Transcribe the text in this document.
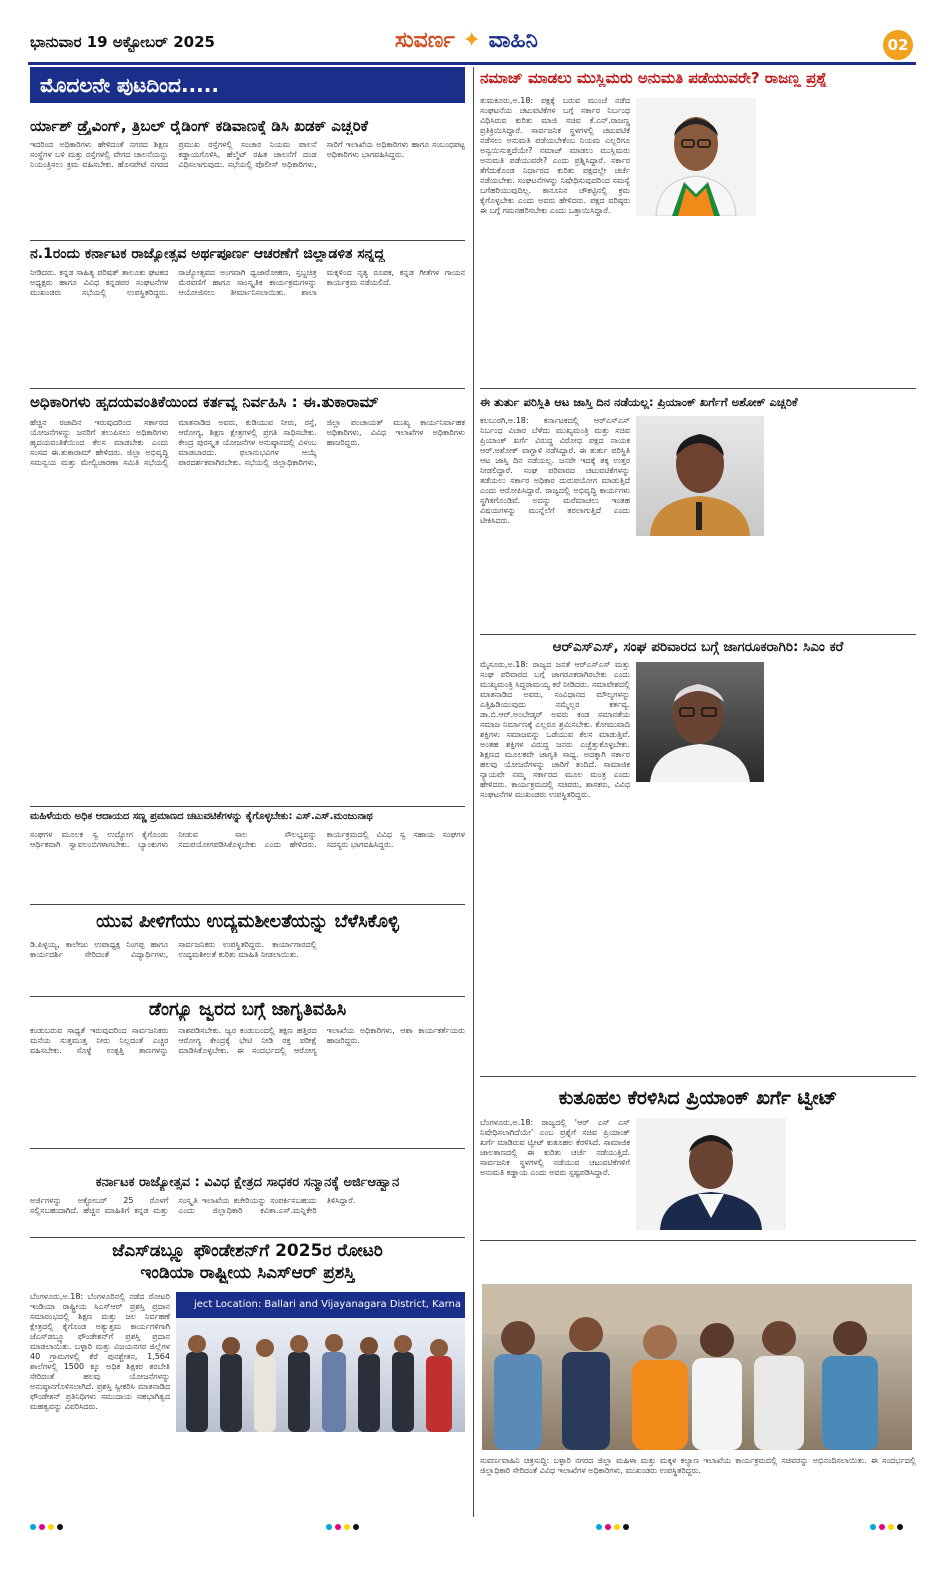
ಭಾನುವಾರ 19 ಅಕ್ಟೋಬರ್ 2025	ಸುವರ್ಣ ✦ ವಾಹಿನಿ	02
ಮೊದಲನೇ ಪುಟದಿಂದ.....
ರ್ಯಾಶ್ ಡ್ರೈವಿಂಗ್, ತ್ರಿಬಲ್ ರೈಡಿಂಗ್ ಕಡಿವಾಣಕ್ಕೆ ಡಿಸಿ ಖಡಕ್ ಎಚ್ಚರಿಕೆ
ಇದರಿಂದ ಅಧಿಕಾರಿಗಳು ಹೇಳಿದಂತೆ ನಗರದ ಶಿಕ್ಷಣ ಸಂಸ್ಥೆಗಳ ಬಳಿ ಮತ್ತು ರಸ್ತೆಗಳಲ್ಲಿ ವೇಗದ ಚಾಲನೆಯನ್ನು ನಿಯಂತ್ರಿಸಲು ಕ್ರಮ ವಹಿಸಬೇಕು. ಹೊಸಪೇಟೆ ನಗರದ ಪ್ರಮುಖ ರಸ್ತೆಗಳಲ್ಲಿ ಸಂಚಾರ ನಿಯಮ ಪಾಲನೆ ಕಡ್ಡಾಯಗೊಳಿಸಿ, ಹೆಲ್ಮೆಟ್ ರಹಿತ ಚಾಲನೆಗೆ ದಂಡ ವಿಧಿಸಲಾಗುವುದು. ಸಭೆಯಲ್ಲಿ ಪೊಲೀಸ್ ಅಧಿಕಾರಿಗಳು, ಸಾರಿಗೆ ಇಲಾಖೆಯ ಅಧಿಕಾರಿಗಳು ಹಾಗೂ ಸಂಬಂಧಪಟ್ಟ ಅಧಿಕಾರಿಗಳು ಭಾಗವಹಿಸಿದ್ದರು.
ನ.1ರಂದು ಕರ್ನಾಟಕ ರಾಜ್ಯೋತ್ಸವ ಅರ್ಥಪೂರ್ಣ ಆಚರಣೆಗೆ ಜಿಲ್ಲಾಡಳಿತ ಸನ್ನದ್ಧ
ನೀಡಿದರು. ಕನ್ನಡ ಸಾಹಿತ್ಯ ಪರಿಷತ್ ತಾಲೂಕು ಘಟಕದ ಅಧ್ಯಕ್ಷರು ಹಾಗೂ ವಿವಿಧ ಕನ್ನಡಪರ ಸಂಘಟನೆಗಳ ಮುಖಂಡರು ಸಭೆಯಲ್ಲಿ ಉಪಸ್ಥಿತರಿದ್ದರು. ರಾಜ್ಯೋತ್ಸವದ ಅಂಗವಾಗಿ ಧ್ವಜಾರೋಹಣ, ಸ್ತಬ್ಧಚಿತ್ರ ಮೆರವಣಿಗೆ ಹಾಗೂ ಸಾಂಸ್ಕೃತಿಕ ಕಾರ್ಯಕ್ರಮಗಳನ್ನು ಆಯೋಜಿಸಲು ತೀರ್ಮಾನಿಸಲಾಯಿತು. ಶಾಲಾ ಮಕ್ಕಳಿಂದ ನೃತ್ಯ ರೂಪಕ, ಕನ್ನಡ ಗೀತೆಗಳ ಗಾಯನ ಕಾರ್ಯಕ್ರಮ ನಡೆಯಲಿದೆ.
ಅಧಿಕಾರಿಗಳು ಹೃದಯವಂತಿಕೆಯಿಂದ ಕರ್ತವ್ಯ ನಿರ್ವಹಿಸಿ : ಈ.ತುಕಾರಾಮ್
ಹೆಚ್ಚಿನ ರಜಾದಿನ ಇರುವುದರಿಂದ ಸರ್ಕಾರದ ಯೋಜನೆಗಳನ್ನು ಜನರಿಗೆ ತಲುಪಿಸಲು ಅಧಿಕಾರಿಗಳು ಹೃದಯವಂತಿಕೆಯಿಂದ ಕೆಲಸ ಮಾಡಬೇಕು ಎಂದು ಸಂಸದ ಈ.ತುಕಾರಾಮ್ ಹೇಳಿದರು. ಜಿಲ್ಲಾ ಅಭಿವೃದ್ಧಿ ಸಮನ್ವಯ ಮತ್ತು ಮೇಲ್ವಿಚಾರಣಾ ಸಮಿತಿ ಸಭೆಯಲ್ಲಿ ಮಾತನಾಡಿದ ಅವರು, ಕುಡಿಯುವ ನೀರು, ರಸ್ತೆ, ಆರೋಗ್ಯ, ಶಿಕ್ಷಣ ಕ್ಷೇತ್ರಗಳಲ್ಲಿ ಪ್ರಗತಿ ಸಾಧಿಸಬೇಕು. ಕೇಂದ್ರ ಪುರಸ್ಕೃತ ಯೋಜನೆಗಳ ಅನುಷ್ಠಾನದಲ್ಲಿ ವಿಳಂಬ ಮಾಡಬಾರದು. ಫಲಾನುಭವಿಗಳ ಆಯ್ಕೆ ಪಾರದರ್ಶಕವಾಗಿರಬೇಕು. ಸಭೆಯಲ್ಲಿ ಜಿಲ್ಲಾಧಿಕಾರಿಗಳು, ಜಿಲ್ಲಾ ಪಂಚಾಯತ್ ಮುಖ್ಯ ಕಾರ್ಯನಿರ್ವಾಹಕ ಅಧಿಕಾರಿಗಳು, ವಿವಿಧ ಇಲಾಖೆಗಳ ಅಧಿಕಾರಿಗಳು ಹಾಜರಿದ್ದರು.
ಮಹಿಳೆಯರು ಅಧಿಕ ಆದಾಯದ ಸಣ್ಣ ಪ್ರಮಾಣದ ಚಟುವಟಿಕೆಗಳನ್ನು ಕೈಗೊಳ್ಳಬೇಕು: ಎಸ್.ಎಸ್.ಮಂಜುನಾಥ
ಸಂಘಗಳ ಮೂಲಕ ಸ್ವ ಉದ್ಯೋಗ ಕೈಗೊಂಡು ಆರ್ಥಿಕವಾಗಿ ಸ್ವಾವಲಂಬಿಗಳಾಗಬೇಕು. ಬ್ಯಾಂಕುಗಳು ನೀಡುವ ಸಾಲ ಸೌಲಭ್ಯವನ್ನು ಸದುಪಯೋಗಪಡಿಸಿಕೊಳ್ಳಬೇಕು ಎಂದು ಹೇಳಿದರು. ಕಾರ್ಯಕ್ರಮದಲ್ಲಿ ವಿವಿಧ ಸ್ವ ಸಹಾಯ ಸಂಘಗಳ ಸದಸ್ಯರು ಭಾಗವಹಿಸಿದ್ದರು.
ಯುವ ಪೀಳಿಗೆಯು ಉದ್ಯಮಶೀಲತೆಯನ್ನು ಬೆಳೆಸಿಕೊಳ್ಳಿ
ಡಿ.ಪಿಳ್ಳಯ್ಯ, ಕಾಲೇಜು ಉಪಾಧ್ಯಕ್ಷ ನಿಂಗಪ್ಪ ಹಾಗೂ ಕಾರ್ಯದರ್ಶಿ ಸೇರಿದಂತೆ ವಿದ್ಯಾರ್ಥಿಗಳು, ಸಾರ್ವಜನಿಕರು ಉಪಸ್ಥಿತರಿದ್ದರು. ಕಾರ್ಯಾಗಾರದಲ್ಲಿ ಉದ್ಯಮಶೀಲತೆ ಕುರಿತು ಮಾಹಿತಿ ನೀಡಲಾಯಿತು.
ಡೆಂಗ್ಯೂ ಜ್ವರದ ಬಗ್ಗೆ ಜಾಗೃತಿವಹಿಸಿ
ಕಂಡುಬರುವ ಸಾಧ್ಯತೆ ಇರುವುದರಿಂದ ಸಾರ್ವಜನಿಕರು ಮನೆಯ ಸುತ್ತಮುತ್ತ ನೀರು ನಿಲ್ಲದಂತೆ ಎಚ್ಚರ ವಹಿಸಬೇಕು. ಸೊಳ್ಳೆ ಉತ್ಪತ್ತಿ ತಾಣಗಳನ್ನು ನಾಶಪಡಿಸಬೇಕು. ಜ್ವರ ಕಂಡುಬಂದಲ್ಲಿ ತಕ್ಷಣ ಹತ್ತಿರದ ಆರೋಗ್ಯ ಕೇಂದ್ರಕ್ಕೆ ಭೇಟಿ ನೀಡಿ ರಕ್ತ ಪರೀಕ್ಷೆ ಮಾಡಿಸಿಕೊಳ್ಳಬೇಕು. ಈ ಸಂದರ್ಭದಲ್ಲಿ ಆರೋಗ್ಯ ಇಲಾಖೆಯ ಅಧಿಕಾರಿಗಳು, ಆಶಾ ಕಾರ್ಯಕರ್ತೆಯರು ಹಾಜರಿದ್ದರು.
ಕರ್ನಾಟಕ ರಾಜ್ಯೋತ್ಸವ : ವಿವಿಧ ಕ್ಷೇತ್ರದ ಸಾಧಕರ ಸನ್ಮಾನಕ್ಕೆ ಅರ್ಜಿಆಹ್ವಾನ
ಅರ್ಜಿಗಳನ್ನು ಅಕ್ಟೋಬರ್ 25 ರೊಳಗೆ ಸಲ್ಲಿಸಬಹುದಾಗಿದೆ. ಹೆಚ್ಚಿನ ಮಾಹಿತಿಗೆ ಕನ್ನಡ ಮತ್ತು ಸಂಸ್ಕೃತಿ ಇಲಾಖೆಯ ಕಚೇರಿಯನ್ನು ಸಂಪರ್ಕಿಸಬಹುದು ಎಂದು ಜಿಲ್ಲಾಧಿಕಾರಿ ಕವಿತಾ.ಎಸ್.ಮನ್ನಿಕೇರಿ ತಿಳಿಸಿದ್ದಾರೆ.
ಜೆಎಸ್‌ಡಬ್ಲ್ಯೂ ಫೌಂಡೇಶನ್‌ಗೆ 2025ರ ರೋಟರಿ
ಇಂಡಿಯಾ ರಾಷ್ಟ್ರೀಯ ಸಿಎಸ್ಆರ್ ಪ್ರಶಸ್ತಿ
ಬೆಂಗಳೂರು,ಅ.18: ಬೆಂಗಳೂರಿನಲ್ಲಿ ನಡೆದ ರೋಟರಿ ಇಂಡಿಯಾ ರಾಷ್ಟ್ರೀಯ ಸಿಎಸ್ಆರ್ ಪ್ರಶಸ್ತಿ ಪ್ರದಾನ ಸಮಾರಂಭದಲ್ಲಿ ಶಿಕ್ಷಣ ಮತ್ತು ಜಲ ನಿರ್ವಹಣೆ ಕ್ಷೇತ್ರದಲ್ಲಿ ಕೈಗೊಂಡ ಅತ್ಯುತ್ತಮ ಕಾರ್ಯಗಳಿಗಾಗಿ ಜೆಎಸ್‌ಡಬ್ಲ್ಯೂ ಫೌಂಡೇಶನ್‌ಗೆ ಪ್ರಶಸ್ತಿ ಪ್ರದಾನ ಮಾಡಲಾಯಿತು. ಬಳ್ಳಾರಿ ಮತ್ತು ವಿಜಯನಗರ ಜಿಲ್ಲೆಗಳ 40 ಗ್ರಾಮಗಳಲ್ಲಿ ಕೆರೆ ಪುನಶ್ಚೇತನ, 1,564 ಶಾಲೆಗಳಲ್ಲಿ 1500 ಕ್ಕೂ ಅಧಿಕ ಶಿಕ್ಷಕರ ತರಬೇತಿ ಸೇರಿದಂತೆ ಹಲವು ಯೋಜನೆಗಳನ್ನು ಅನುಷ್ಠಾನಗೊಳಿಸಲಾಗಿದೆ. ಪ್ರಶಸ್ತಿ ಸ್ವೀಕರಿಸಿ ಮಾತನಾಡಿದ ಫೌಂಡೇಶನ್ ಪ್ರತಿನಿಧಿಗಳು ಸಮುದಾಯ ಸಹಭಾಗಿತ್ವದ ಮಹತ್ವವನ್ನು ವಿವರಿಸಿದರು.
ject Location: Ballari and Vijayanagara District, Karna
ನಮಾಜ್ ಮಾಡಲು ಮುಸ್ಲಿಮರು ಅನುಮತಿ ಪಡೆಯುವರೇ? ರಾಜಣ್ಣ ಪ್ರಶ್ನೆ
ತುಮಕೂರು,ಅ.18: ಪಕ್ಷಕ್ಕೆ ಬರುವ ಮುಂಚೆ ನಡೆದ ಸಂಘಟನೆಯ ಚಟುವಟಿಕೆಗಳ ಬಗ್ಗೆ ಸರ್ಕಾರ ನಿರ್ಬಂಧ ವಿಧಿಸಿರುವ ಕುರಿತು ಮಾಜಿ ಸಚಿವ ಕೆ.ಎನ್.ರಾಜಣ್ಣ ಪ್ರತಿಕ್ರಿಯಿಸಿದ್ದಾರೆ. ಸಾರ್ವಜನಿಕ ಸ್ಥಳಗಳಲ್ಲಿ ಚಟುವಟಿಕೆ ನಡೆಸಲು ಅನುಮತಿ ಪಡೆಯಬೇಕೆಂಬ ನಿಯಮ ಎಲ್ಲರಿಗೂ ಅನ್ವಯಿಸುತ್ತದೆಯೇ? ನಮಾಜ್ ಮಾಡಲು ಮುಸ್ಲಿಮರು ಅನುಮತಿ ಪಡೆಯುವರೇ? ಎಂದು ಪ್ರಶ್ನಿಸಿದ್ದಾರೆ. ಸರ್ಕಾರ ತೆಗೆದುಕೊಂಡ ನಿರ್ಧಾರದ ಕುರಿತು ಪಕ್ಷದಲ್ಲೇ ಚರ್ಚೆ ನಡೆಯಬೇಕು. ಸಂಘಟನೆಗಳನ್ನು ನಿಷೇಧಿಸುವುದರಿಂದ ಸಮಸ್ಯೆ ಬಗೆಹರಿಯುವುದಿಲ್ಲ. ಕಾನೂನಿನ ಚೌಕಟ್ಟಿನಲ್ಲಿ ಕ್ರಮ ಕೈಗೊಳ್ಳಬೇಕು ಎಂದು ಅವರು ಹೇಳಿದರು. ಪಕ್ಷದ ವರಿಷ್ಠರು ಈ ಬಗ್ಗೆ ಗಮನಹರಿಸಬೇಕು ಎಂದು ಒತ್ತಾಯಿಸಿದ್ದಾರೆ.
ಈ ತುರ್ತು ಪರಿಸ್ಥಿತಿ ಆಟ ಜಾಸ್ತಿ ದಿನ ನಡೆಯಲ್ಲ: ಪ್ರಿಯಾಂಕ್ ಖರ್ಗೆಗೆ ಅಶೋಕ್ ಎಚ್ಚರಿಕೆ
ಕಲಬುರಗಿ,ಅ.18: ಕರ್ನಾಟಕದಲ್ಲಿ ಆರ್‌ಎಸ್‌ಎಸ್ ನಿರ್ಬಂಧ ವಿಚಾರ ಬೆಳೆದು ಮುಖ್ಯಮಂತ್ರಿ ಮತ್ತು ಸಚಿವ ಪ್ರಿಯಾಂಕ್ ಖರ್ಗೆ ವಿರುದ್ಧ ವಿರೋಧ ಪಕ್ಷದ ನಾಯಕ ಆರ್.ಅಶೋಕ್ ವಾಗ್ದಾಳಿ ನಡೆಸಿದ್ದಾರೆ. ಈ ತುರ್ತು ಪರಿಸ್ಥಿತಿ ಆಟ ಜಾಸ್ತಿ ದಿನ ನಡೆಯಲ್ಲ. ಜನರೇ ಇದಕ್ಕೆ ತಕ್ಕ ಉತ್ತರ ನೀಡಲಿದ್ದಾರೆ. ಸಂಘ ಪರಿವಾರದ ಚಟುವಟಿಕೆಗಳನ್ನು ತಡೆಯಲು ಸರ್ಕಾರ ಅಧಿಕಾರ ದುರುಪಯೋಗ ಮಾಡುತ್ತಿದೆ ಎಂದು ಆರೋಪಿಸಿದ್ದಾರೆ. ರಾಜ್ಯದಲ್ಲಿ ಅಭಿವೃದ್ಧಿ ಕಾರ್ಯಗಳು ಸ್ಥಗಿತಗೊಂಡಿವೆ. ಅದನ್ನು ಮರೆಮಾಚಲು ಇಂತಹ ವಿಷಯಗಳನ್ನು ಮುನ್ನೆಲೆಗೆ ತರಲಾಗುತ್ತಿದೆ ಎಂದು ಟೀಕಿಸಿದರು.
ಆರ್‌ಎಸ್‌ಎಸ್, ಸಂಘ ಪರಿವಾರದ ಬಗ್ಗೆ ಜಾಗರೂಕರಾಗಿರಿ: ಸಿಎಂ ಕರೆ
ಮೈಸೂರು,ಅ.18: ರಾಜ್ಯದ ಜನತೆ ಆರ್‌ಎಸ್‌ಎಸ್ ಮತ್ತು ಸಂಘ ಪರಿವಾರದ ಬಗ್ಗೆ ಜಾಗರೂಕರಾಗಿರಬೇಕು ಎಂದು ಮುಖ್ಯಮಂತ್ರಿ ಸಿದ್ದರಾಮಯ್ಯ ಕರೆ ನೀಡಿದರು. ಸಮಾವೇಶದಲ್ಲಿ ಮಾತನಾಡಿದ ಅವರು, ಸಂವಿಧಾನದ ಮೌಲ್ಯಗಳನ್ನು ಎತ್ತಿಹಿಡಿಯುವುದು ನಮ್ಮೆಲ್ಲರ ಕರ್ತವ್ಯ. ಡಾ.ಬಿ.ಆರ್.ಅಂಬೇಡ್ಕರ್ ಅವರು ಕಂಡ ಸಮಾನತೆಯ ಸಮಾಜ ನಿರ್ಮಾಣಕ್ಕೆ ಎಲ್ಲರೂ ಶ್ರಮಿಸಬೇಕು. ಕೋಮುವಾದಿ ಶಕ್ತಿಗಳು ಸಮಾಜವನ್ನು ಒಡೆಯುವ ಕೆಲಸ ಮಾಡುತ್ತಿವೆ. ಅಂತಹ ಶಕ್ತಿಗಳ ವಿರುದ್ಧ ಜನರು ಎಚ್ಚೆತ್ತುಕೊಳ್ಳಬೇಕು. ಶಿಕ್ಷಣದ ಮೂಲಕವೇ ಜಾಗೃತಿ ಸಾಧ್ಯ. ಅದಕ್ಕಾಗಿ ಸರ್ಕಾರ ಹಲವು ಯೋಜನೆಗಳನ್ನು ಜಾರಿಗೆ ತಂದಿದೆ. ಸಾಮಾಜಿಕ ನ್ಯಾಯವೇ ನಮ್ಮ ಸರ್ಕಾರದ ಮೂಲ ಮಂತ್ರ ಎಂದು ಹೇಳಿದರು. ಕಾರ್ಯಕ್ರಮದಲ್ಲಿ ಸಚಿವರು, ಶಾಸಕರು, ವಿವಿಧ ಸಂಘಟನೆಗಳ ಮುಖಂಡರು ಉಪಸ್ಥಿತರಿದ್ದರು.
ಕುತೂಹಲ ಕೆರಳಿಸಿದ ಪ್ರಿಯಾಂಕ್ ಖರ್ಗೆ ಟ್ವೀಟ್
ಬೆಂಗಳೂರು,ಅ.18: ರಾಜ್ಯದಲ್ಲಿ 'ಆರ್ ಎಸ್ ಎಸ್ ನಿಷೇಧಿಸಲಾಗಿದೆಯೇ' ಎಂಬ ಪ್ರಶ್ನೆಗೆ ಸಚಿವ ಪ್ರಿಯಾಂಕ್ ಖರ್ಗೆ ಮಾಡಿರುವ ಟ್ವೀಟ್ ಕುತೂಹಲ ಕೆರಳಿಸಿದೆ. ಸಾಮಾಜಿಕ ಜಾಲತಾಣದಲ್ಲಿ ಈ ಕುರಿತು ಚರ್ಚೆ ನಡೆಯುತ್ತಿದೆ. ಸಾರ್ವಜನಿಕ ಸ್ಥಳಗಳಲ್ಲಿ ನಡೆಯುವ ಚಟುವಟಿಕೆಗಳಿಗೆ ಅನುಮತಿ ಕಡ್ಡಾಯ ಎಂದು ಅವರು ಸ್ಪಷ್ಟಪಡಿಸಿದ್ದಾರೆ.
ಸುವರ್ಣವಾಹಿನಿ ಚಿತ್ರಸುದ್ದಿ: ಬಳ್ಳಾರಿ ನಗರದ ಜಿಲ್ಲಾ ಮಹಿಳಾ ಮತ್ತು ಮಕ್ಕಳ ಕಲ್ಯಾಣ ಇಲಾಖೆಯ ಕಾರ್ಯಕ್ರಮದಲ್ಲಿ ಸಚಿವರನ್ನು ಅಭಿನಂದಿಸಲಾಯಿತು. ಈ ಸಂದರ್ಭದಲ್ಲಿ ಜಿಲ್ಲಾಧಿಕಾರಿ ಸೇರಿದಂತೆ ವಿವಿಧ ಇಲಾಖೆಗಳ ಅಧಿಕಾರಿಗಳು, ಮುಖಂಡರು ಉಪಸ್ಥಿತರಿದ್ದರು.
